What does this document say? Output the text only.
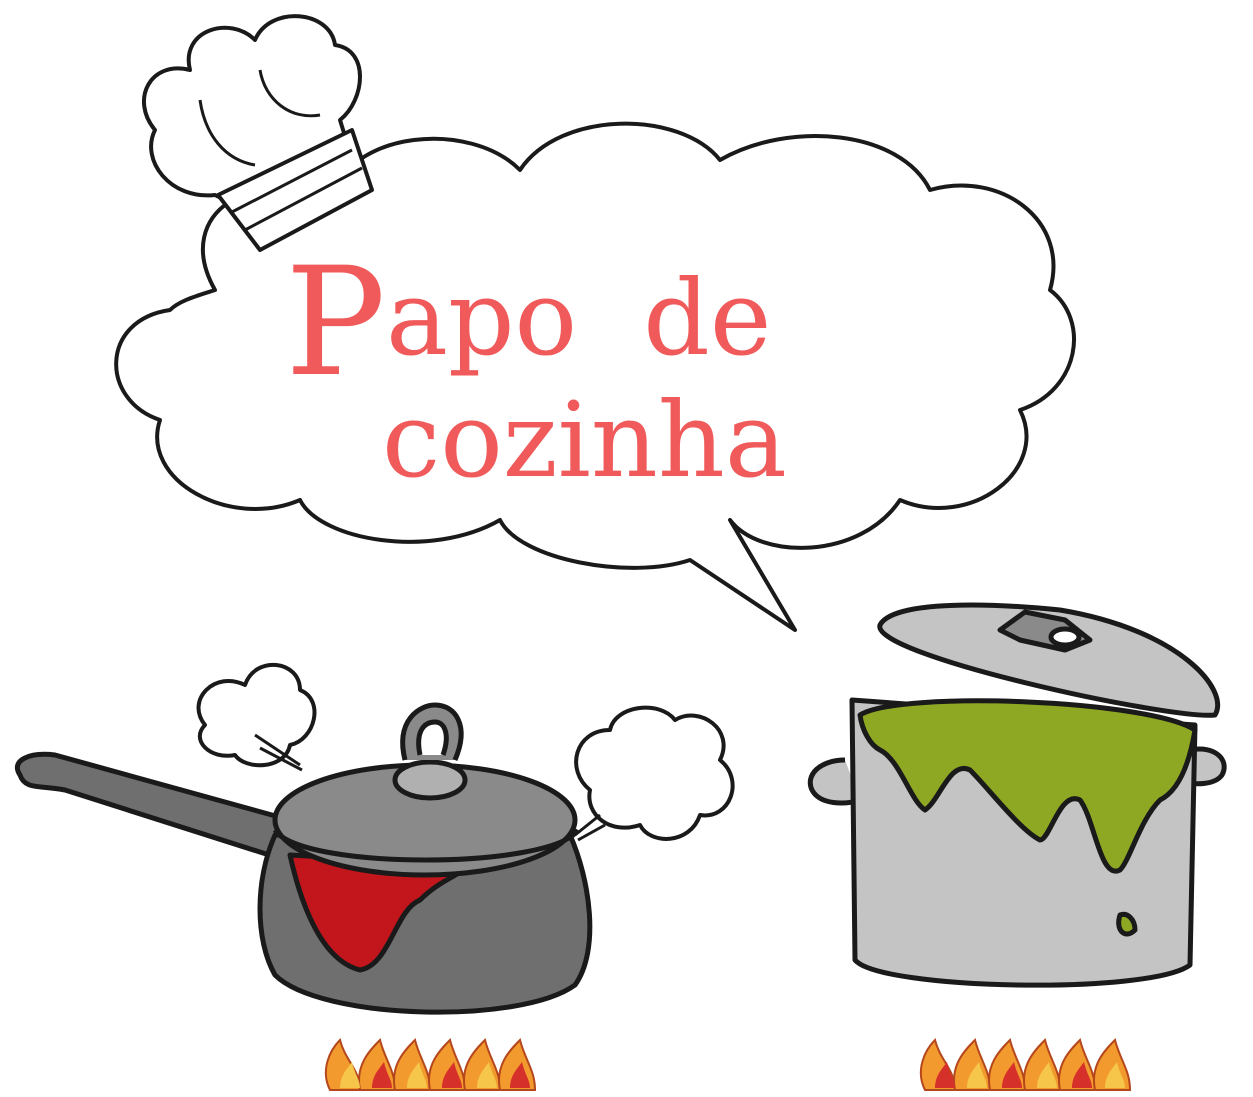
Papo  de
cozinha
